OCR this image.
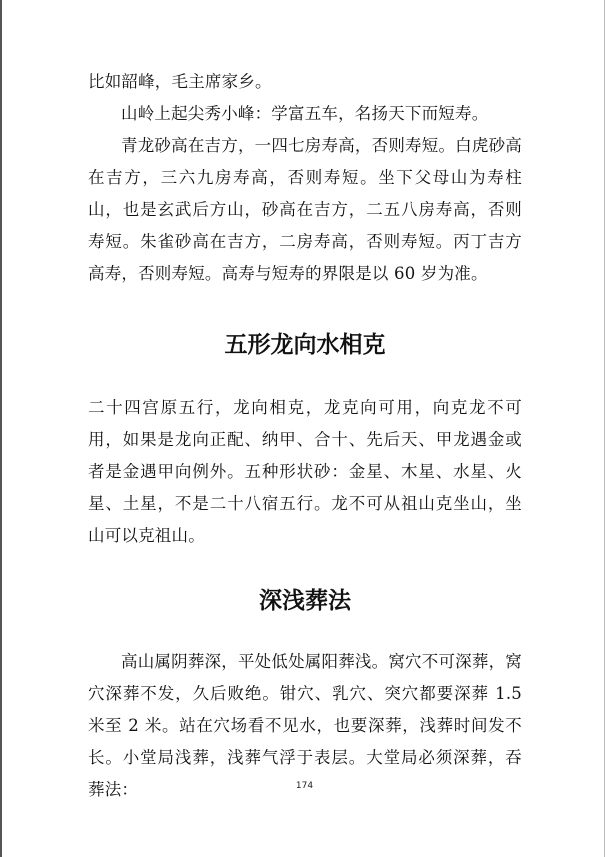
比如韶峰，毛主席家乡。

山岭上起尖秀小峰：学富五车，名扬天下而短寿。

青龙砂高在吉方，一四七房寿高，否则寿短。白虎砂高在吉方，三六九房寿高，否则寿短。坐下父母山为寿柱山，也是玄武后方山，砂高在吉方，二五八房寿高，否则寿短。朱雀砂高在吉方，二房寿高，否则寿短。丙丁吉方高寿，否则寿短。高寿与短寿的界限是以 60 岁为准。

五形龙向水相克

二十四宫原五行，龙向相克，龙克向可用，向克龙不可用，如果是龙向正配、纳甲、合十、先后天、甲龙遇金或者是金遇甲向例外。五种形状砂：金星、木星、水星、火星、土星，不是二十八宿五行。龙不可从祖山克坐山，坐山可以克祖山。

深浅葬法

高山属阴葬深，平处低处属阳葬浅。窝穴不可深葬，窝穴深葬不发，久后败绝。钳穴、乳穴、突穴都要深葬 1.5 米至 2 米。站在穴场看不见水，也要深葬，浅葬时间发不长。小堂局浅葬，浅葬气浮于表层。大堂局必须深葬，吞葬法：	174
